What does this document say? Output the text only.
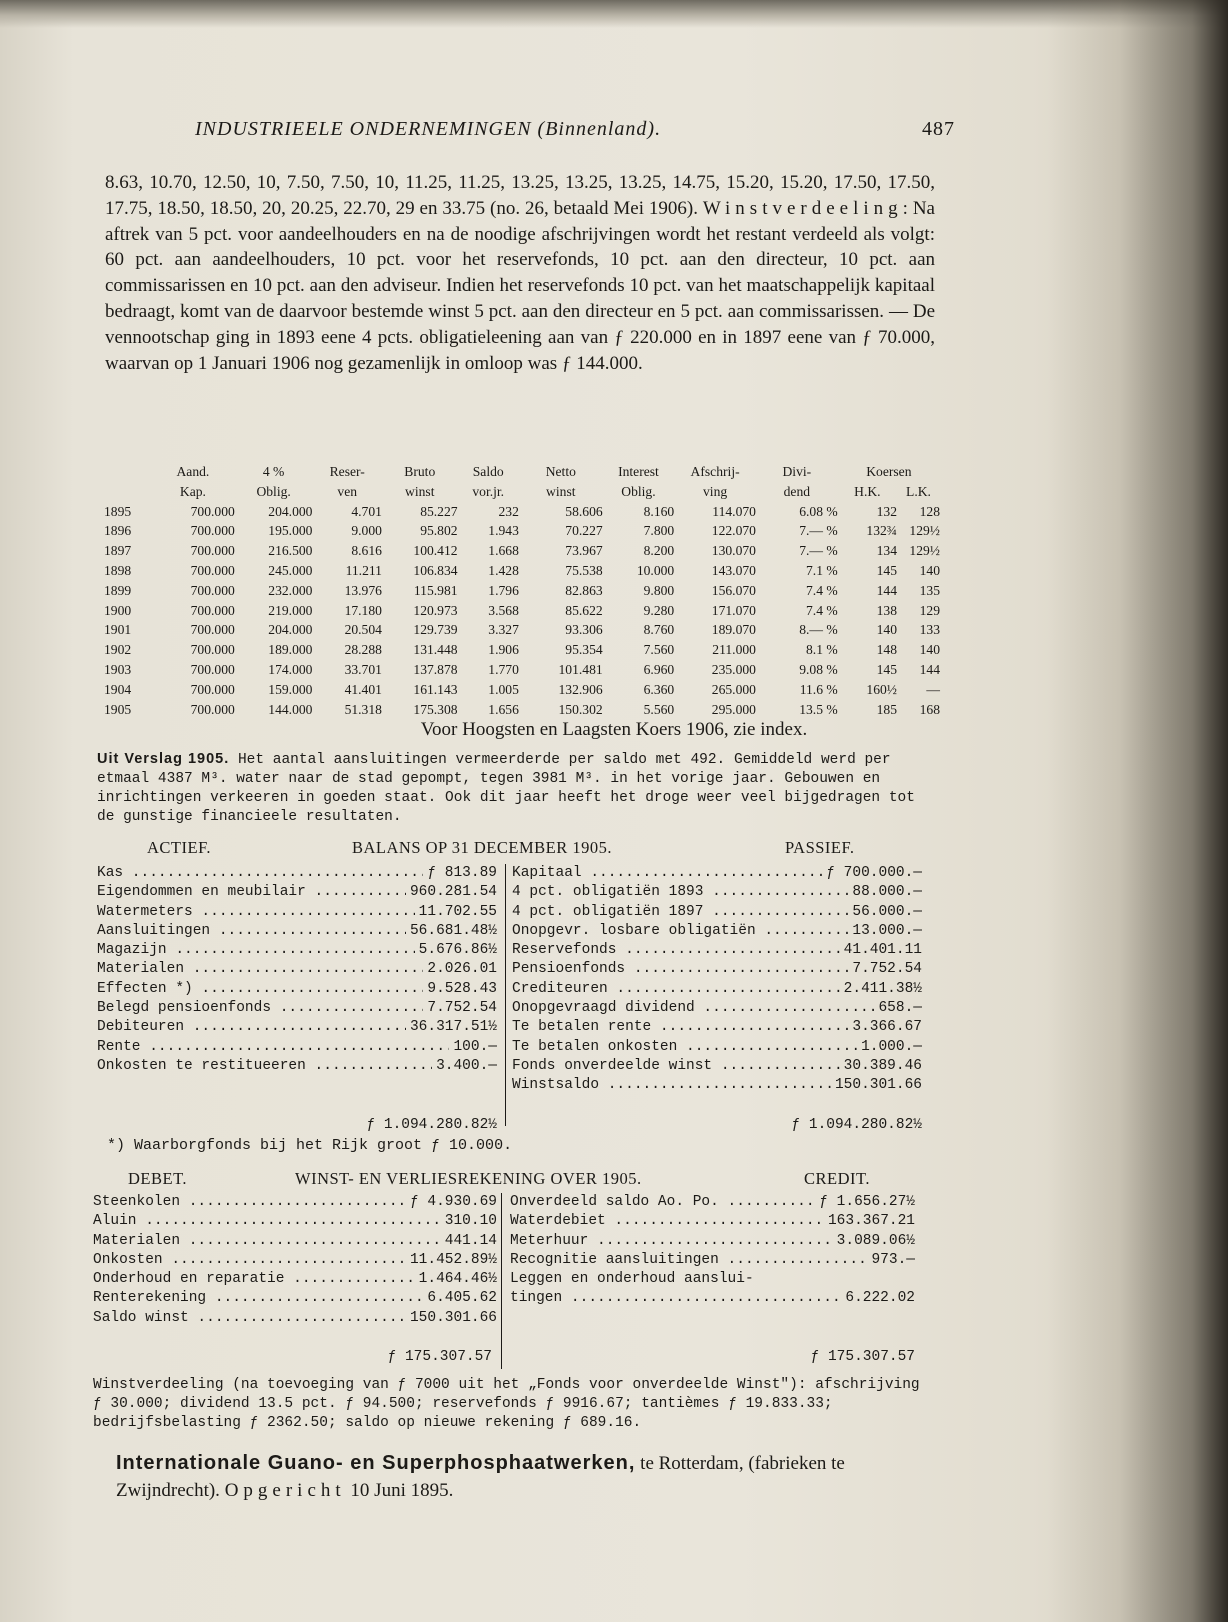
INDUSTRIEELE ONDERNEMINGEN (Binnenland).	487
8.63, 10.70, 12.50, 10, 7.50, 7.50, 10, 11.25, 11.25, 13.25, 13.25, 13.25, 14.75, 15.20, 15.20, 17.50, 17.50, 17.75, 18.50, 18.50, 20, 20.25, 22.70, 29 en 33.75 (no. 26, betaald Mei 1906). Winstverdeeling: Na aftrek van 5 pct. voor aandeelhouders en na de noodige afschrijvingen wordt het restant verdeeld als volgt: 60 pct. aan aandeelhouders, 10 pct. voor het reservefonds, 10 pct. aan den directeur, 10 pct. aan commissarissen en 10 pct. aan den adviseur. Indien het reservefonds 10 pct. van het maatschappelijk kapitaal bedraagt, komt van de daarvoor bestemde winst 5 pct. aan den directeur en 5 pct. aan commissarissen. — De vennootschap ging in 1893 eene 4 pcts. obligatieleening aan van ƒ 220.000 en in 1897 eene van ƒ 70.000, waarvan op 1 Januari 1906 nog gezamenlijk in omloop was ƒ 144.000.
	Aand.	4 %	Reser-	Bruto	Saldo	Netto	Interest	Afschrij-	Divi-	Koersen	
	Kap.	Oblig.	ven	winst	vor.jr.	winst	Oblig.	ving	dend	H.K.	L.K.
1895	700.000	204.000	4.701	85.227	232	58.606	8.160	114.070	6.08 %	132	128
1896	700.000	195.000	9.000	95.802	1.943	70.227	7.800	122.070	7.— %	132¾	129½
1897	700.000	216.500	8.616	100.412	1.668	73.967	8.200	130.070	7.— %	134	129½
1898	700.000	245.000	11.211	106.834	1.428	75.538	10.000	143.070	7.1 %	145	140
1899	700.000	232.000	13.976	115.981	1.796	82.863	9.800	156.070	7.4 %	144	135
1900	700.000	219.000	17.180	120.973	3.568	85.622	9.280	171.070	7.4 %	138	129
1901	700.000	204.000	20.504	129.739	3.327	93.306	8.760	189.070	8.— %	140	133
1902	700.000	189.000	28.288	131.448	1.906	95.354	7.560	211.000	8.1 %	148	140
1903	700.000	174.000	33.701	137.878	1.770	101.481	6.960	235.000	9.08 %	145	144
1904	700.000	159.000	41.401	161.143	1.005	132.906	6.360	265.000	11.6 %	160½	—
1905	700.000	144.000	51.318	175.308	1.656	150.302	5.560	295.000	13.5 %	185	168
Voor Hoogsten en Laagsten Koers 1906, zie index.
Uit Verslag 1905. Het aantal aansluitingen vermeerderde per saldo met 492. Gemiddeld werd per etmaal 4387 M³. water naar de stad gepompt, tegen 3981 M³. in het vorige jaar. Gebouwen en inrichtingen verkeeren in goeden staat. Ook dit jaar heeft het droge weer veel bijgedragen tot de gunstige financieele resultaten.
ACTIEF.	BALANS OP 31 DECEMBER 1905.	PASSIEF.
Kas .....	ƒ 813.89
Eigendommen en meubilair .....	960.281.54
Watermeters .....	11.702.55
Aansluitingen .....	56.681.48½
Magazijn .....	5.676.86½
Materialen .....	2.026.01
Effecten *) .....	9.528.43
Belegd pensioenfonds .....	7.752.54
Debiteuren .....	36.317.51½
Rente .....	100.—
Onkosten te restitueeren .....	3.400.—
Kapitaal .....	ƒ 700.000.—
4 pct. obligatiën 1893 .....	88.000.—
4 pct. obligatiën 1897 .....	56.000.—
Onopgevr. losbare obligatiën .....	13.000.—
Reservefonds .....	41.401.11
Pensioenfonds .....	7.752.54
Crediteuren .....	2.411.38½
Onopgevraagd dividend .....	658.—
Te betalen rente .....	3.366.67
Te betalen onkosten .....	1.000.—
Fonds onverdeelde winst .....	30.389.46
Winstsaldo .....	150.301.66
ƒ 1.094.280.82½	ƒ 1.094.280.82½
*) Waarborgfonds bij het Rijk groot ƒ 10.000.
DEBET.	WINST- EN VERLIESREKENING OVER 1905.	CREDIT.
Steenkolen .....	ƒ 4.930.69
Aluin .....	310.10
Materialen .....	441.14
Onkosten .....	11.452.89½
Onderhoud en reparatie .....	1.464.46½
Renterekening .....	6.405.62
Saldo winst .....	150.301.66
Onverdeeld saldo Ao. Po. .....	ƒ 1.656.27½
Waterdebiet .....	163.367.21
Meterhuur .....	3.089.06½
Recognitie aansluitingen .....	973.—
Leggen en onderhoud aanslui-
tingen .....	6.222.02
ƒ 175.307.57	ƒ 175.307.57
Winstverdeeling (na toevoeging van ƒ 7000 uit het „Fonds voor onverdeelde Winst"): afschrijving ƒ 30.000; dividend 13.5 pct. ƒ 94.500; reservefonds ƒ 9916.67; tantièmes ƒ 19.833.33; bedrijfsbelasting ƒ 2362.50; saldo op nieuwe rekening ƒ 689.16.
Internationale Guano- en Superphosphaatwerken, te Rotterdam, (fabrieken te Zwijndrecht). Opgericht 10 Juni 1895.
